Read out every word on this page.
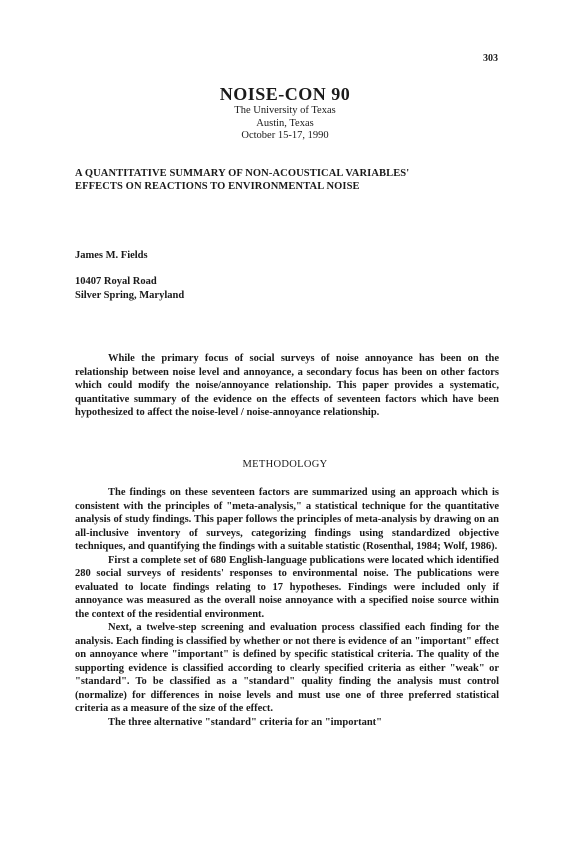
303
NOISE-CON 90
The University of Texas
Austin, Texas
October 15-17, 1990
A QUANTITATIVE SUMMARY OF NON-ACOUSTICAL VARIABLES'
EFFECTS ON REACTIONS TO ENVIRONMENTAL NOISE
James M. Fields
10407 Royal Road
Silver Spring, Maryland

While the primary focus of social surveys of noise annoyance has been on the relationship between noise level and annoyance, a secondary focus has been on other factors which could modify the noise/annoyance relationship. This paper provides a systematic, quantitative summary of the evidence on the effects of seventeen factors which have been hypothesized to affect the noise-level / noise-annoyance relationship.

METHODOLOGY

The findings on these seventeen factors are summarized using an approach which is consistent with the principles of "meta-analysis," a statistical technique for the quantitative analysis of study findings. This paper follows the principles of meta-analysis by drawing on an all-inclusive inventory of surveys, categorizing findings using standardized objective techniques, and quantifying the findings with a suitable statistic (Rosenthal, 1984; Wolf, 1986).

First a complete set of 680 English-language publications were located which identified 280 social surveys of residents' responses to environmental noise. The publications were evaluated to locate findings relating to 17 hypotheses. Findings were included only if annoyance was measured as the overall noise annoyance with a specified noise source within the context of the residential environment.

Next, a twelve-step screening and evaluation process classified each finding for the analysis. Each finding is classified by whether or not there is evidence of an "important" effect on annoyance where "important" is defined by specific statistical criteria. The quality of the supporting evidence is classified according to clearly specified criteria as either "weak" or "standard". To be classified as a "standard" quality finding the analysis must control (normalize) for differences in noise levels and must use one of three preferred statistical criteria as a measure of the size of the effect.

The three alternative "standard" criteria for an "important"
